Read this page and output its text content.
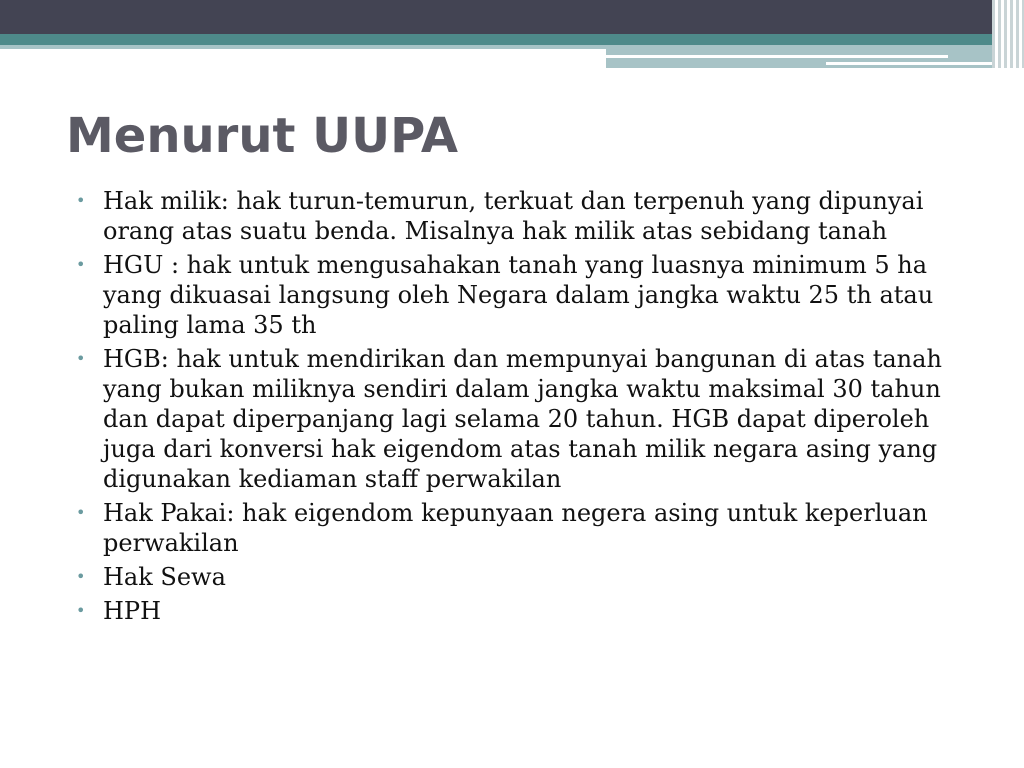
Menurut UUPA
• Hak milik: hak turun-temurun, terkuat dan terpenuh yang dipunyai orang atas suatu benda. Misalnya hak milik atas sebidang tanah
• HGU : hak untuk mengusahakan tanah yang luasnya minimum 5 ha yang dikuasai langsung oleh Negara dalam jangka waktu 25 th atau paling lama 35 th
• HGB: hak untuk mendirikan dan mempunyai bangunan di atas tanah yang bukan miliknya sendiri dalam jangka waktu maksimal 30 tahun dan dapat diperpanjang lagi selama 20 tahun. HGB dapat diperoleh juga dari konversi hak eigendom atas tanah milik negara asing yang digunakan kediaman staff perwakilan
• Hak Pakai: hak eigendom kepunyaan negera asing untuk keperluan perwakilan
• Hak Sewa
• HPH
